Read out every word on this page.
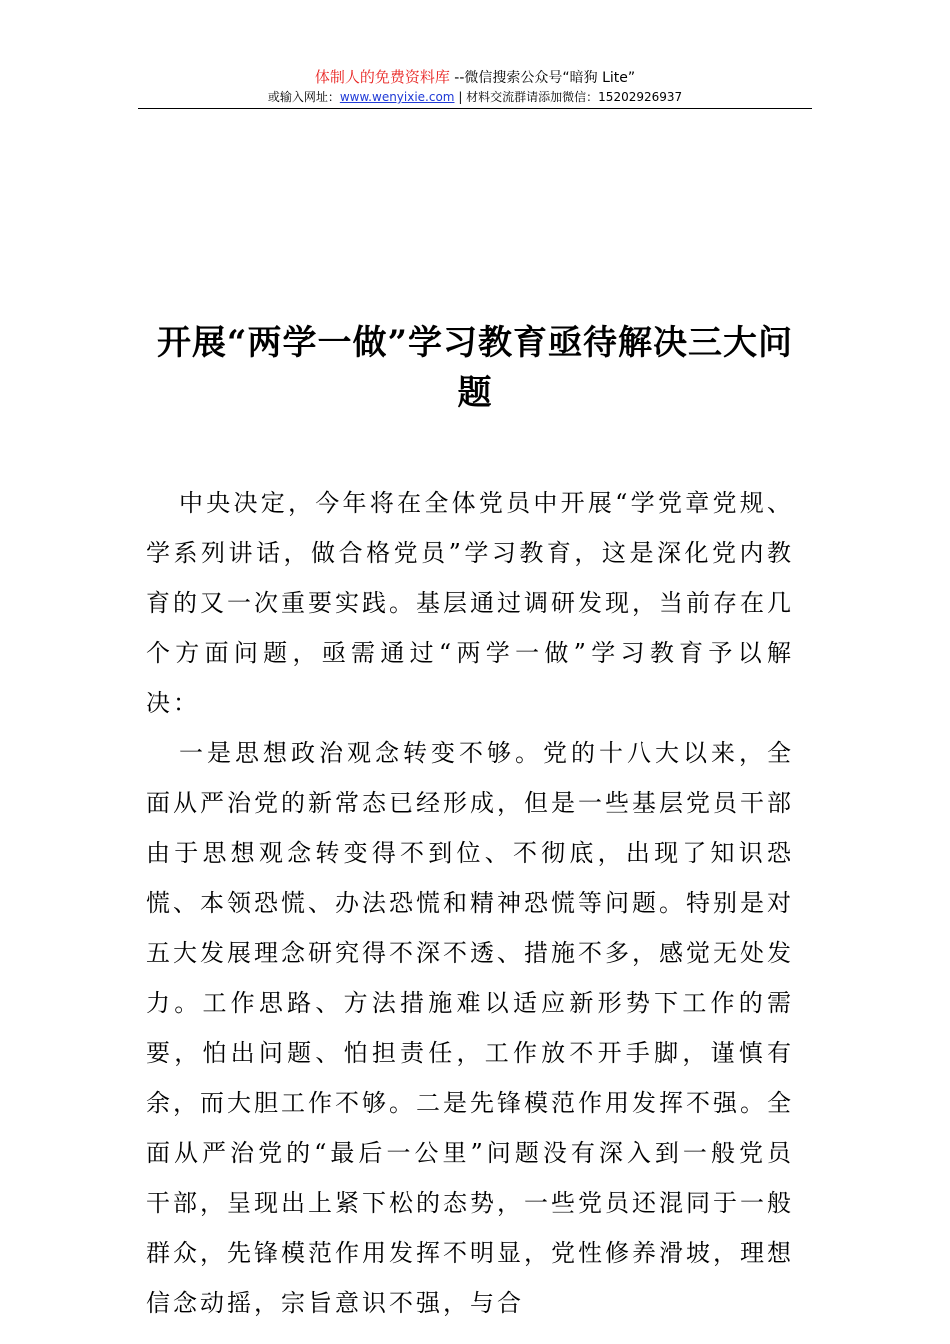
体制人的免费资料库 --微信搜索公众号“暗狗 Lite”
或输入网址：www.wenyixie.com | 材料交流群请添加微信：15202926937
开展“两学一做”学习教育亟待解决三大问题

中央决定，今年将在全体党员中开展“学党章党规、学系列讲话，做合格党员”学习教育，这是深化党内教育的又一次重要实践。基层通过调研发现，当前存在几个方面问题，亟需通过“两学一做”学习教育予以解决：

一是思想政治观念转变不够。党的十八大以来，全面从严治党的新常态已经形成，但是一些基层党员干部由于思想观念转变得不到位、不彻底，出现了知识恐慌、本领恐慌、办法恐慌和精神恐慌等问题。特别是对五大发展理念研究得不深不透、措施不多，感觉无处发力。工作思路、方法措施难以适应新形势下工作的需要，怕出问题、怕担责任，工作放不开手脚，谨慎有余，而大胆工作不够。二是先锋模范作用发挥不强。全面从严治党的“最后一公里”问题没有深入到一般党员干部，呈现出上紧下松的态势，一些党员还混同于一般群众，先锋模范作用发挥不明显，党性修养滑坡，理想信念动摇，宗旨意识不强，与合
